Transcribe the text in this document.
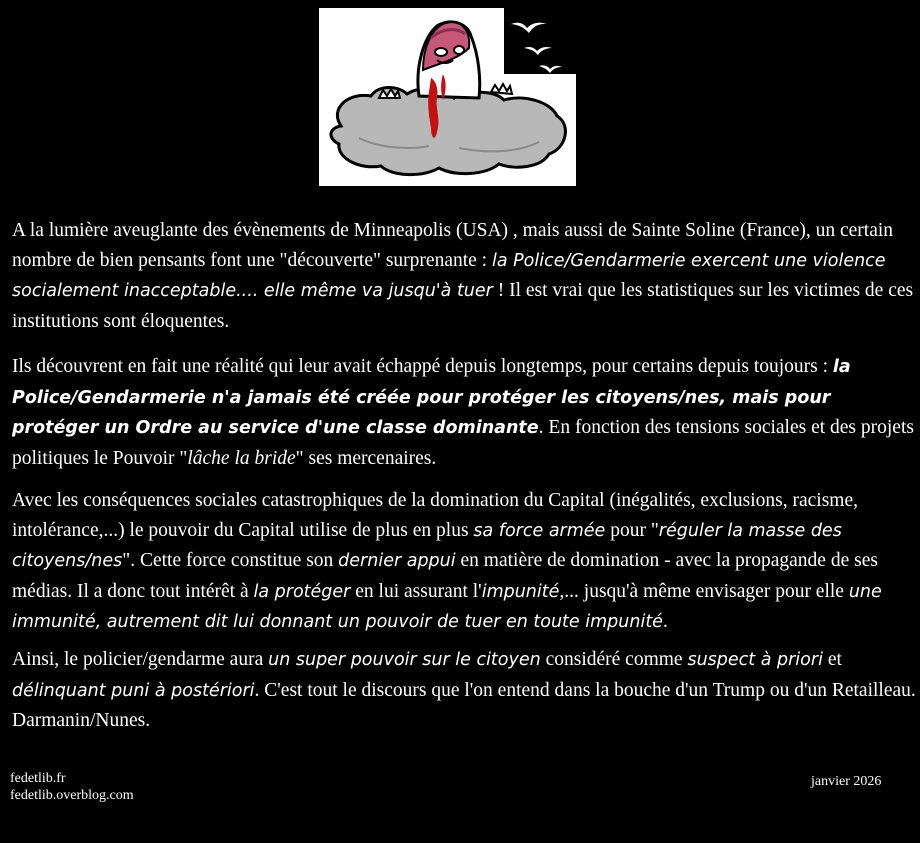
A la lumière aveuglante des évènements de Minneapolis (USA) , mais aussi de Sainte Soline (France), un certain nombre de bien pensants font une "découverte" surprenante : la Police/Gendarmerie exercent une violence socialement inacceptable.... elle même va jusqu'à tuer ! Il est vrai que les statistiques sur les victimes de ces institutions sont éloquentes.

Ils découvrent en fait une réalité qui leur avait échappé depuis longtemps, pour certains depuis toujours : la Police/Gendarmerie n'a jamais été créée pour protéger les citoyens/nes, mais pour protéger un Ordre au service d'une classe dominante. En fonction des tensions sociales et des projets politiques le Pouvoir "lâche la bride" ses mercenaires.

Avec les conséquences sociales catastrophiques de la domination du Capital (inégalités, exclusions, racisme, intolérance,...) le pouvoir du Capital utilise de plus en plus sa force armée pour "réguler la masse des citoyens/nes". Cette force constitue son dernier appui en matière de domination - avec la propagande de ses médias. Il a donc tout intérêt à la protéger en lui assurant l'impunité,... jusqu'à même envisager pour elle une immunité, autrement dit lui donnant un pouvoir de tuer en toute impunité.

Ainsi, le policier/gendarme aura un super pouvoir sur le citoyen considéré comme suspect à priori et délinquant puni à postériori. C'est tout le discours que l'on entend dans la bouche d'un Trump ou d'un Retailleau. Darmanin/Nunes.

fedetlib.fr
fedetlib.overblog.com
janvier 2026
